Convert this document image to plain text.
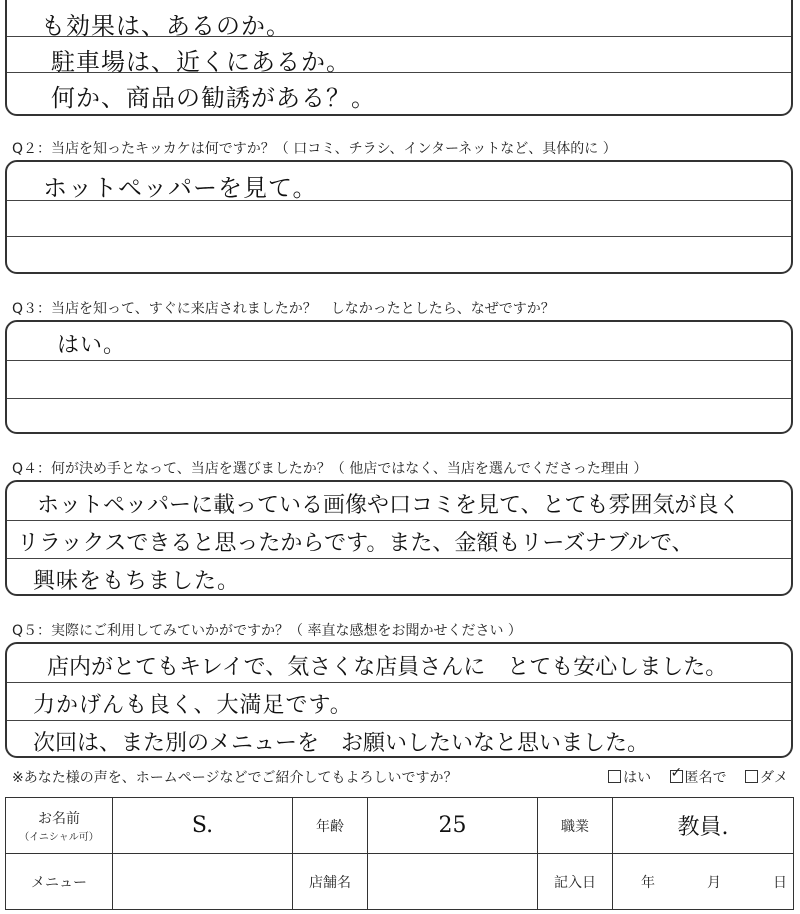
も効果は、あるのか。
駐車場は、近くにあるか。
何か、商品の勧誘がある？。
Q２：当店を知ったキッカケは何ですか？（ 口コミ、チラシ、インターネットなど、具体的に ）
ホットペッパーを見て。
Q３：当店を知って、すぐに来店されましたか？　しなかったとしたら、なぜですか？
はい。
Q４：何が決め手となって、当店を選びましたか？（ 他店ではなく、当店を選んでくださった理由 ）
ホットペッパーに載っている画像や口コミを見て、とても雰囲気が良く
リラックスできると思ったからです。また、金額もリーズナブルで、
興味をもちました。
Q５：実際にご利用してみていかがですか？（ 率直な感想をお聞かせください ）
店内がとてもキレイで、気さくな店員さんに　とても安心しました。
力かげんも良く、大満足です。
次回は、また別のメニューを　お願いしたいなと思いました。
※あなた様の声を、ホームページなどでご紹介してもよろしいですか？	はい ✓ 匿名で ダメ
お名前
（イニシャル可）	S.	年齢	25	職業	教員.
メニュー		店舗名		記入日	年 月 日
